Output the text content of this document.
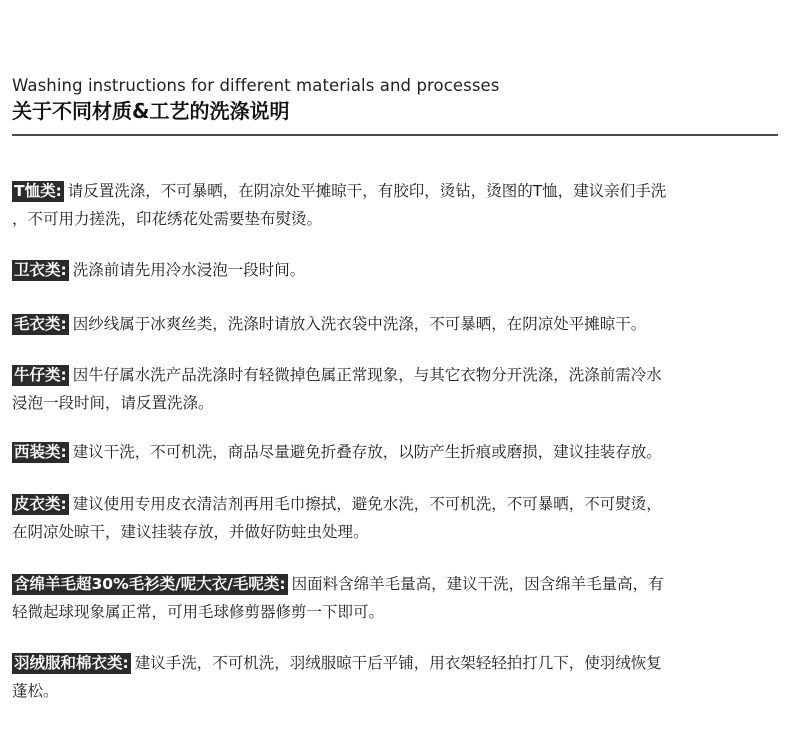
Washing instructions for different materials and processes
关于不同材质&工艺的洗涤说明
T恤类: 请反置洗涤，不可暴晒，在阴凉处平摊晾干，有胶印，烫钻，烫图的T恤，建议亲们手洗
，不可用力搓洗，印花绣花处需要垫布熨烫。
卫衣类: 洗涤前请先用冷水浸泡一段时间。
毛衣类: 因纱线属于冰爽丝类，洗涤时请放入洗衣袋中洗涤，不可暴晒，在阴凉处平摊晾干。
牛仔类: 因牛仔属水洗产品洗涤时有轻微掉色属正常现象，与其它衣物分开洗涤，洗涤前需冷水
浸泡一段时间，请反置洗涤。
西装类: 建议干洗，不可机洗，商品尽量避免折叠存放，以防产生折痕或磨损，建议挂装存放。
皮衣类: 建议使用专用皮衣清洁剂再用毛巾擦拭，避免水洗，不可机洗，不可暴晒，不可熨烫，
在阴凉处晾干，建议挂装存放，并做好防蛀虫处理。
含绵羊毛超30%毛衫类/呢大衣/毛呢类: 因面料含绵羊毛量高，建议干洗，因含绵羊毛量高，有
轻微起球现象属正常，可用毛球修剪器修剪一下即可。
羽绒服和棉衣类: 建议手洗，不可机洗，羽绒服晾干后平铺，用衣架轻轻拍打几下，使羽绒恢复
蓬松。
